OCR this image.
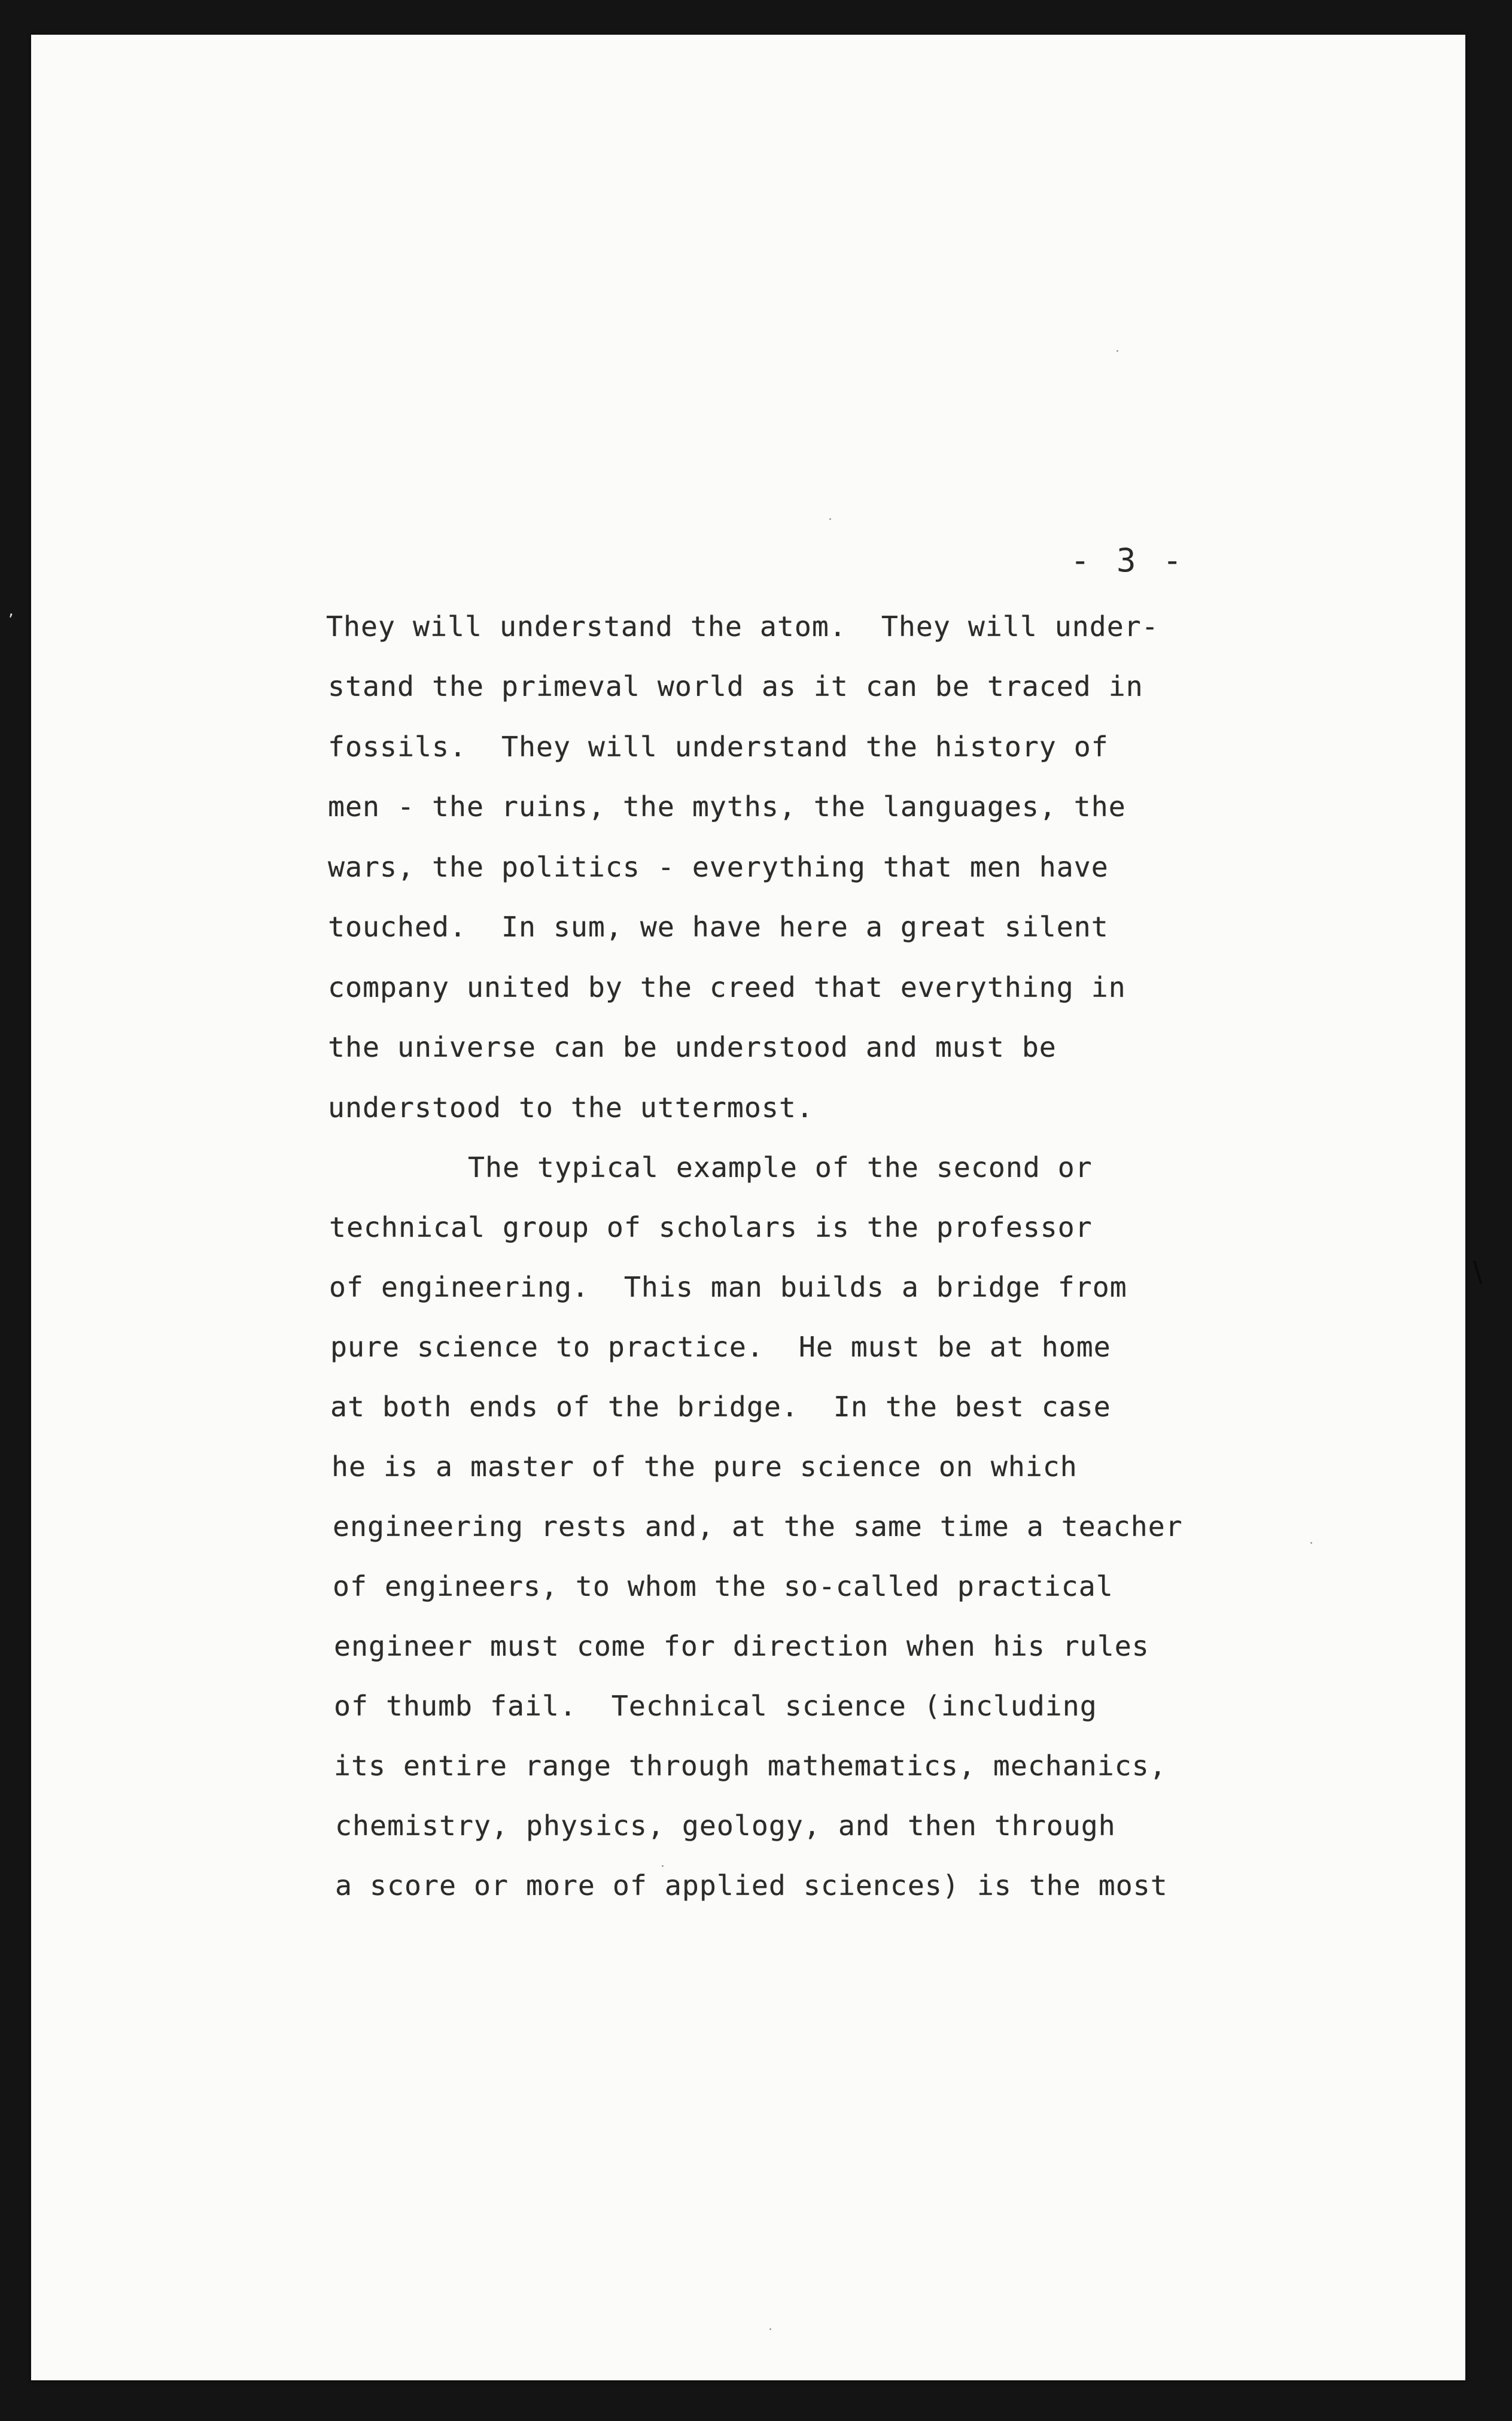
- 3 -
They will understand the atom.  They will under-
stand the primeval world as it can be traced in
fossils.  They will understand the history of
men - the ruins, the myths, the languages, the
wars, the politics - everything that men have
touched.  In sum, we have here a great silent
company united by the creed that everything in
the universe can be understood and must be
understood to the uttermost.
The typical example of the second or
technical group of scholars is the professor
of engineering.  This man builds a bridge from
pure science to practice.  He must be at home
at both ends of the bridge.  In the best case
he is a master of the pure science on which
engineering rests and, at the same time a teacher
of engineers, to whom the so-called practical
engineer must come for direction when his rules
of thumb fail.  Technical science (including
its entire range through mathematics, mechanics,
chemistry, physics, geology, and then through
a score or more of applied sciences) is the most
\
,
